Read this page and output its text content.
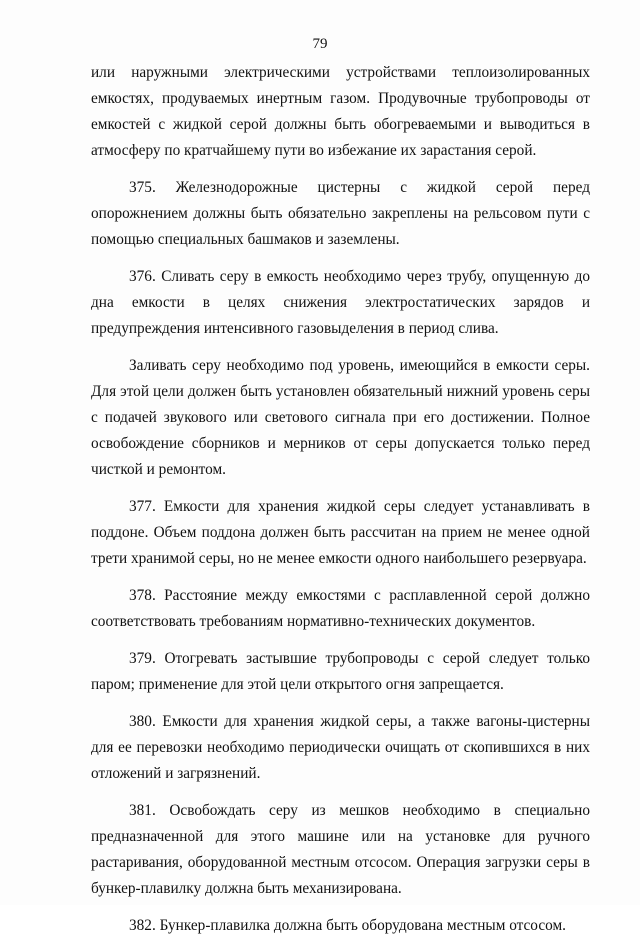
79

или наружными электрическими устройствами теплоизолированных емкостях, продуваемых инертным газом. Продувочные трубопроводы от емкостей с жидкой серой должны быть обогреваемыми и выводиться в атмосферу по кратчайшему пути во избежание их зарастания серой.

375. Железнодорожные цистерны с жидкой серой перед опорожнением должны быть обязательно закреплены на рельсовом пути с помощью специальных башмаков и заземлены.

376. Сливать серу в емкость необходимо через трубу, опущенную до дна емкости в целях снижения электростатических зарядов и предупреждения интенсивного газовыделения в период слива.

Заливать серу необходимо под уровень, имеющийся в емкости серы. Для этой цели должен быть установлен обязательный нижний уровень серы с подачей звукового или светового сигнала при его достижении. Полное освобождение сборников и мерников от серы допускается только перед чисткой и ремонтом.

377. Емкости для хранения жидкой серы следует устанавливать в поддоне. Объем поддона должен быть рассчитан на прием не менее одной трети хранимой серы, но не менее емкости одного наибольшего резервуара.

378. Расстояние между емкостями с расплавленной серой должно соответствовать требованиям нормативно-технических документов.

379. Отогревать застывшие трубопроводы с серой следует только паром; применение для этой цели открытого огня запрещается.

380. Емкости для хранения жидкой серы, а также вагоны-цистерны для ее перевозки необходимо периодически очищать от скопившихся в них отложений и загрязнений.

381. Освобождать серу из мешков необходимо в специально предназначенной для этого машине или на установке для ручного растаривания, оборудованной местным отсосом. Операция загрузки серы в бункер-плавилку должна быть механизирована.

382. Бункер-плавилка должна быть оборудована местным отсосом.
